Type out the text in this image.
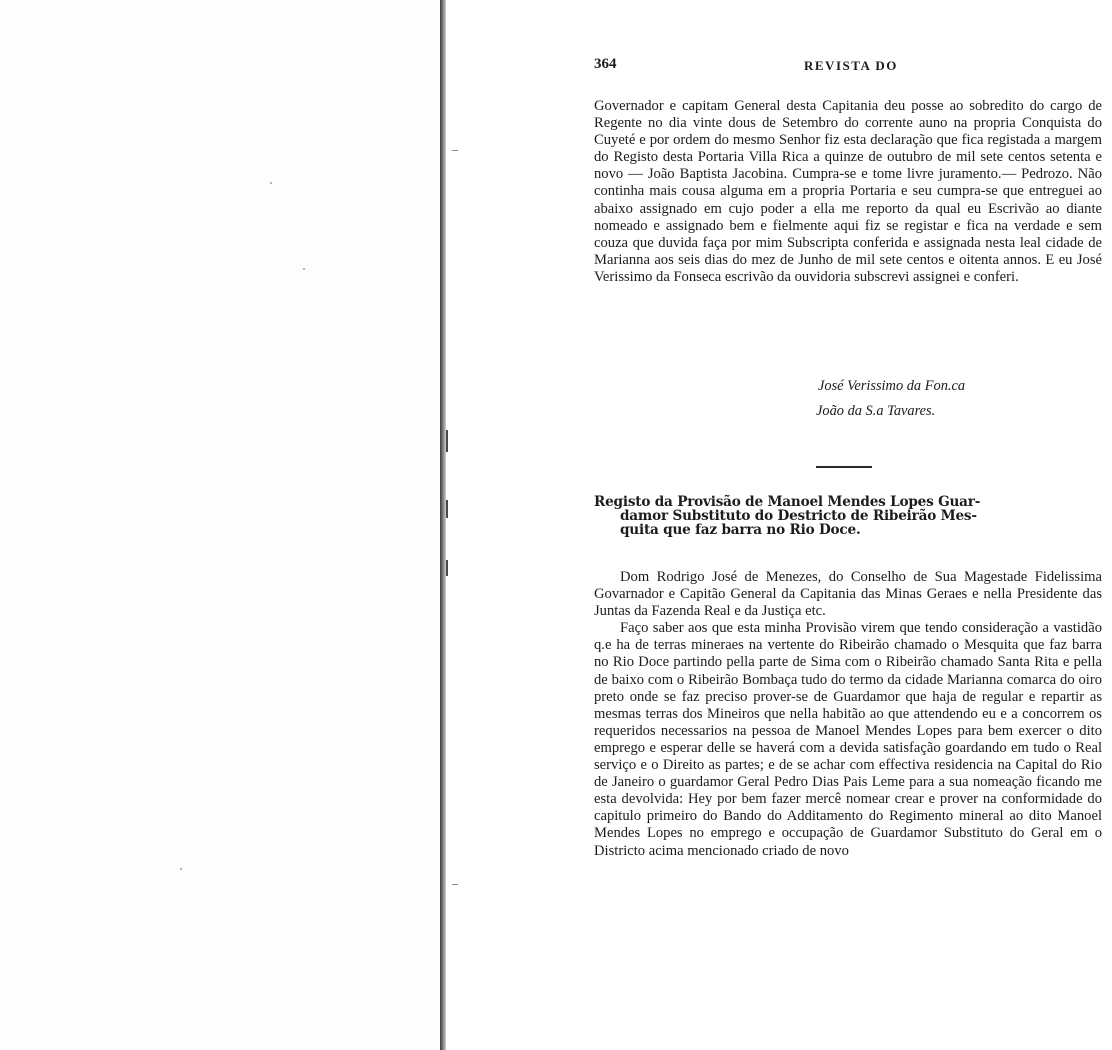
364	REVISTA DO

Governador e capitam General desta Capitania deu posse ao sobredito do cargo de Regente no dia vinte dous de Setembro do corrente auno na propria Conquista do Cuyeté e por ordem do mesmo Senhor fiz esta declaração que fica registada a margem do Registo desta Portaria Villa Rica a quinze de outubro de mil sete centos setenta e novo — João Baptista Jacobina. Cumpra-se e tome livre juramento.— Pedrozo. Não continha mais cousa alguma em a propria Portaria e seu cumpra-se que entreguei ao abaixo assignado em cujo poder a ella me reporto da qual eu Escrivão ao diante nomeado e assignado bem e fielmente aqui fiz se registar e fica na verdade e sem couza que duvida faça por mim Subscripta conferida e assignada nesta leal cidade de Marianna aos seis dias do mez de Junho de mil sete centos e oitenta annos. E eu José Verissimo da Fonseca escrivão da ouvidoria subscrevi assignei e conferi.

José Verissimo da Fon.ca
João da S.a Tavares.
Registo da Provisão de Manoel Mendes Lopes Guar-
damor Substituto do Destricto de Ribeirão Mes-
quita que faz barra no Rio Doce.

Dom Rodrigo José de Menezes, do Conselho de Sua Magestade Fidelissima Govarnador e Capitão General da Capitania das Minas Geraes e nella Presidente das Juntas da Fazenda Real e da Justiça etc.

Faço saber aos que esta minha Provisão virem que tendo consideração a vastidão q.e ha de terras mineraes na vertente do Ribeirão chamado o Mesquita que faz barra no Rio Doce partindo pella parte de Sima com o Ribeirão chamado Santa Rita e pella de baixo com o Ribeirão Bombaça tudo do termo da cidade Marianna comarca do oiro preto onde se faz preciso prover-se de Guardamor que haja de regular e repartir as mesmas terras dos Mineiros que nella habitão ao que attendendo eu e a concorrem os requeridos necessarios na pessoa de Manoel Mendes Lopes para bem exercer o dito emprego e esperar delle se haverá com a devida satisfação goardando em tudo o Real serviço e o Direito as partes; e de se achar com effectiva residencia na Capital do Rio de Janeiro o guardamor Geral Pedro Dias Pais Leme para a sua nomeação ficando me esta devolvida: Hey por bem fazer mercê nomear crear e prover na conformidade do capitulo primeiro do Bando do Additamento do Regimento mineral ao dito Manoel Mendes Lopes no emprego e occupação de Guardamor Substituto do Geral em o Districto acima mencionado criado de novo
